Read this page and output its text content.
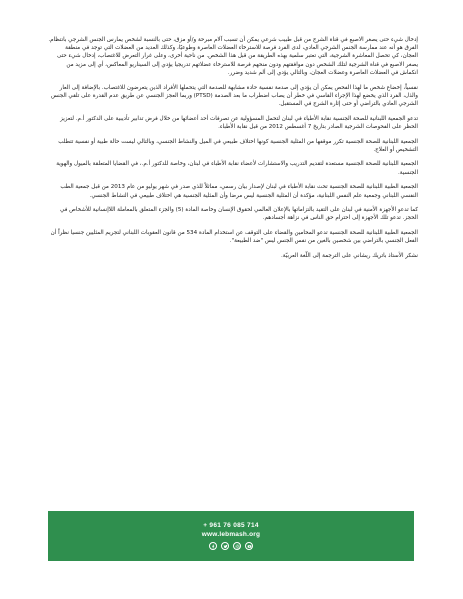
إدخال شيء حتى يصغر الاصبع في قناة الشرج من قبل طبيب شرعي يمكن أن تسبب آلام مبرحة و/أو مزق، حتى بالنسبة لشخص يمارس الجنس الشرجي بانتظام. الفرق هو أنه عند ممارسة الجنس الشرجي العادي، لدى الفرد فرصة للاسترخاء العضلات العاصرة وطوعيًا، وكذلك العديد من العضلات التي توجد في منطقة العجان، كي تحصل المعاشرة الشرجية، التي تعتبر سلمية بهذه الطريقة من قبل هذا الشخص. من ناحية أخرى، وعلى غرار التعرض للاغتصاب، إدخال شيء حتى يصغر الاصبع في قناة الشرجية لتلك الشخص دون موافقتهم ودون منحهم فرصة للاسترخاء عضلاتهم تدريجيا يؤدي إلى السيناريو المعاكس، أي إلى مزيد من انكماش في العضلات العاصرة وعضلات العجان، وبالتالي يؤدي إلى ألم شديد وضرر.

نفسياً، إخضاع شخص ما لهذا الفحص يمكن أن يؤدي إلى صدمة نفسية حادة مشابهة للصدمة التي يتحملها الأفراد الذين يتعرضون للاغتصاب. بالإضافة إلى العار والذل، الفرد الذي يخضع لهذا الإجراء القاسي في خطر أن يصاب اضطراب ما بعد الصدمة (PTSD) وربما العجز الجنسي عن طريق عدم القدرة على تلقي الجنس الشرجي العادي بالتراضي أو حتى إثارة الشرج في المستقبل.

تدعو الجمعية اللبنانية للصحة الجنسية نقابة الأطباء في لبنان لتحمل المسؤولية عن تصرفات أحد أعضائها من خلال فرض تدابير تأديبية على الدكتور أ.م. لتعزيز الحظر على الفحوصات الشرجية الصادر بتاريخ 7 أغسطس 2012 من قبل نقابة الأطباء.

الجمعية اللبنانية للصحة الجنسية تكرر موقفها من المثلية الجنسية كونها اختلاف طبيعي في الميل والنشاط الجنسي، وبالتالي ليست حالة طبية أو نفسية تتطلب التشخيص أو العلاج.

الجمعية اللبنانية للصحة الجنسية مستعدة لتقديم التدريب والاستشارات لأعضاء نقابة الأطباء في لبنان، وخاصة للدكتور أ.م.، في القضايا المتعلقة بالميول والهوية الجنسية.

الجمعية الطبية اللبنانية للصحة الجنسية تحث نقابة الأطباء في لبنان لإصدار بيان رسمي، مماثلاً للذي صدر في شهر يوليو من عام 2013 من قبل جمعية الطب النفسي اللبناني وجمعية علم النفس اللبنانية، مؤكدة أن المثلية الجنسية ليس مرضا وأن المثلية الجنسية هي اختلاف طبيعي في النشاط الجنسي.

كما تدعو الأجهزة الأمنية في لبنان على التقيد بالتزاماتها بالإعلان العالمي لحقوق الإنسان وخاصة المادة (5) والجزء المتعلق بالمعاملة اللاإنسانية للأشخاص في الحجز. تدعو تلك الأجهزة إلى احترام حق الناس في نزاهة أجسادهم.

الجمعية الطبية اللبنانية للصحة الجنسية تدعو المحامين والقضاء على التوقف عن استخدام المادة 534 من قانون العقوبات اللبناني لتجريم المثليين جنسيا نظراً أن الفعل الجنسي بالتراضي بين شخصين بالغين من نفس الجنس ليس "ضد الطبيعة".

نشكر الأستاذ باتريك ريشاني على الترجمة إلى اللّغة العربيّة.

+ 961 76 085 714
www.lebmash.org
